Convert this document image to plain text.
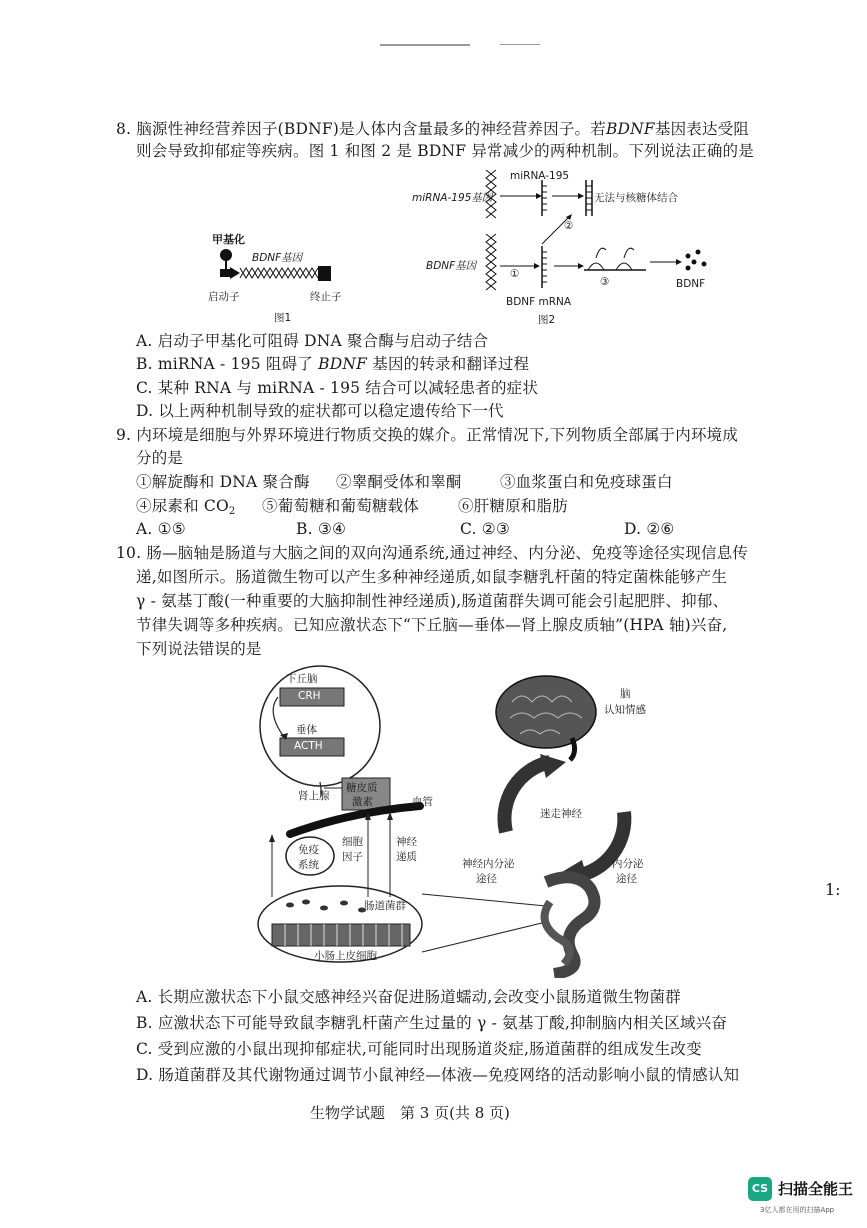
8. 脑源性神经营养因子(BDNF)是人体内含量最多的神经营养因子。若BDNF基因表达受阻
则会导致抑郁症等疾病。图 1 和图 2 是 BDNF 异常减少的两种机制。下列说法正确的是
甲基化
BDNF基因
启动子	终止子
图1
miRNA-195基因
miRNA-195
无法与核糖体结合
BDNF基因
①
②
③
BDNF mRNA
BDNF
图2
A. 启动子甲基化可阻碍 DNA 聚合酶与启动子结合
B. miRNA - 195 阻碍了 BDNF 基因的转录和翻译过程
C. 某种 RNA 与 miRNA - 195 结合可以减轻患者的症状
D. 以上两种机制导致的症状都可以稳定遗传给下一代
9. 内环境是细胞与外界环境进行物质交换的媒介。正常情况下,下列物质全部属于内环境成
分的是
①解旋酶和 DNA 聚合酶 ②睾酮受体和睾酮 ③血浆蛋白和免疫球蛋白
④尿素和 $CO_2$ ⑤葡萄糖和葡萄糖载体	⑥肝糖原和脂肪
A. ①⑤	B. ③④	C. ②③	D. ②⑥
10. 肠—脑轴是肠道与大脑之间的双向沟通系统,通过神经、内分泌、免疫等途径实现信息传
递,如图所示。肠道微生物可以产生多种神经递质,如鼠李糖乳杆菌的特定菌株能够产生
γ - 氨基丁酸(一种重要的大脑抑制性神经递质),肠道菌群失调可能会引起肥胖、抑郁、
节律失调等多种疾病。已知应激状态下“下丘脑—垂体—肾上腺皮质轴”(HPA 轴)兴奋,
下列说法错误的是
下丘脑
CRH
垂体
ACTH
肾上腺
糖皮质
激素	血管
免疫
系统
细胞
因子
神经
递质
肠道菌群
小肠上皮细胞
脑
认知情感
迷走神经
神经内分泌
途径
内分泌
途径
A. 长期应激状态下小鼠交感神经兴奋促进肠道蠕动,会改变小鼠肠道微生物菌群
B. 应激状态下可能导致鼠李糖乳杆菌产生过量的 γ - 氨基丁酸,抑制脑内相关区域兴奋
C. 受到应激的小鼠出现抑郁症状,可能同时出现肠道炎症,肠道菌群的组成发生改变
D. 肠道菌群及其代谢物通过调节小鼠神经—体液—免疫网络的活动影响小鼠的情感认知
生物学试题　第 3 页(共 8 页)
1:
CS 扫描全能王
3亿人都在用的扫描App
